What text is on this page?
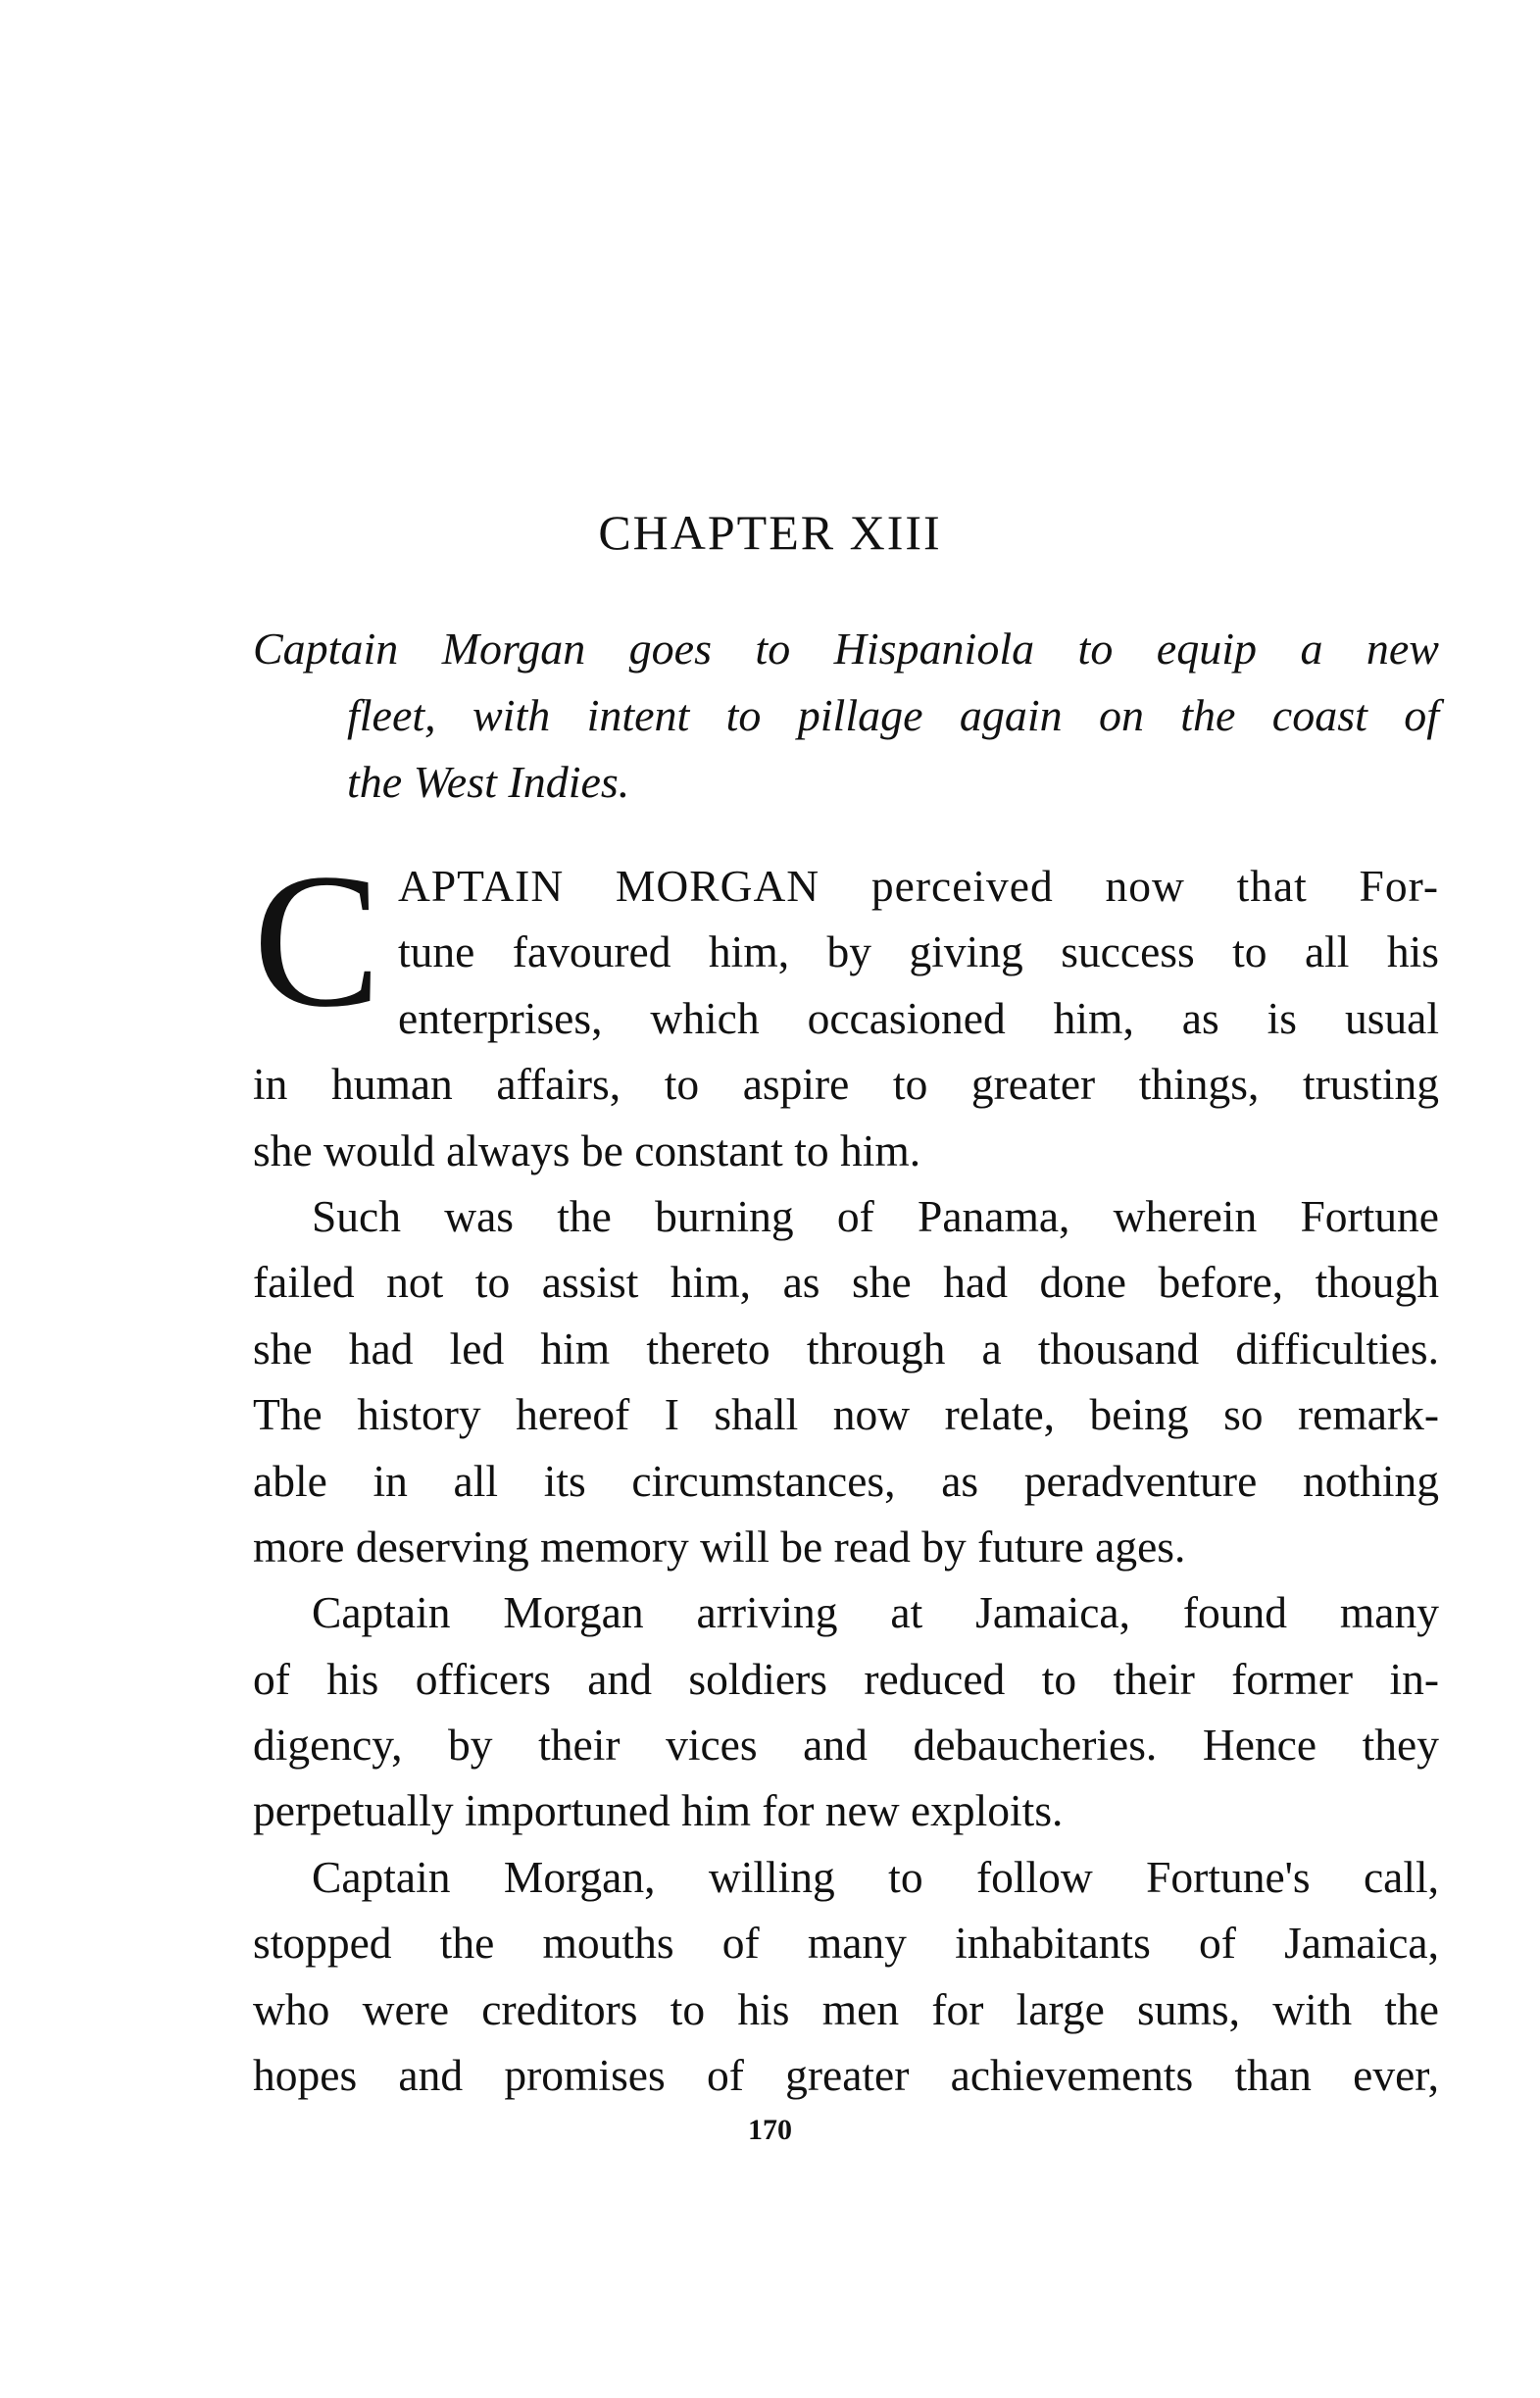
CHAPTER XIII
Captain Morgan goes to Hispaniola to equip a new
fleet, with intent to pillage again on the coast of
the West Indies.
C APTAIN MORGAN perceived now that For-
tune favoured him, by giving success to all his
enterprises, which occasioned him, as is usual
in human affairs, to aspire to greater things, trusting
she would always be constant to him.
Such was the burning of Panama, wherein Fortune
failed not to assist him, as she had done before, though
she had led him thereto through a thousand difficulties.
The history hereof I shall now relate, being so remark-
able in all its circumstances, as peradventure nothing
more deserving memory will be read by future ages.
Captain Morgan arriving at Jamaica, found many
of his officers and soldiers reduced to their former in-
digency, by their vices and debaucheries. Hence they
perpetually importuned him for new exploits.
Captain Morgan, willing to follow Fortune's call,
stopped the mouths of many inhabitants of Jamaica,
who were creditors to his men for large sums, with the
hopes and promises of greater achievements than ever,
170
